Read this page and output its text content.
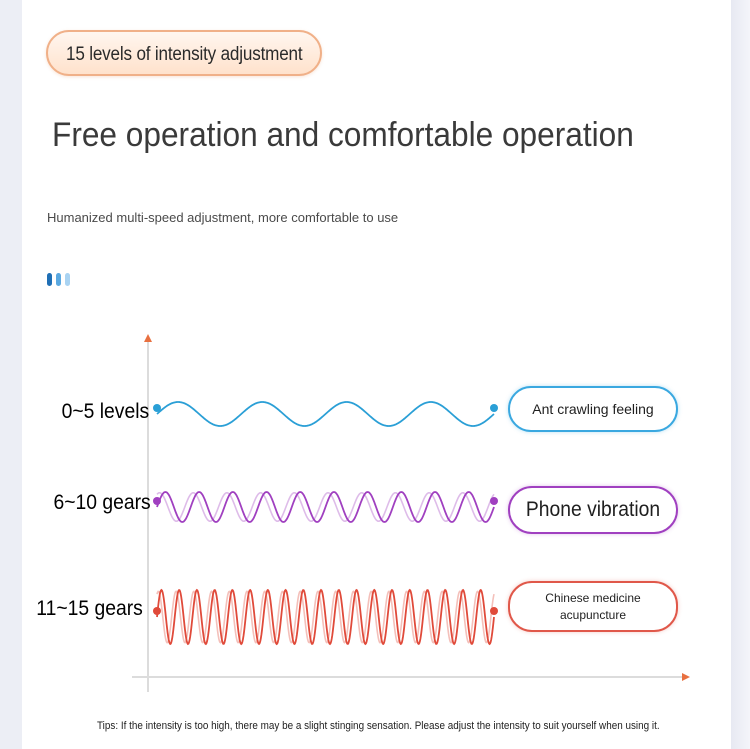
15 levels of intensity adjustment
Free operation and comfortable operation
Humanized multi-speed adjustment, more comfortable to use
0~5 levels
6~10 gears
11~15 gears
Ant crawling feeling
Phone vibration
Chinese medicine
acupuncture
Tips: If the intensity is too high, there may be a slight stinging sensation. Please adjust the intensity to suit yourself when using it.
